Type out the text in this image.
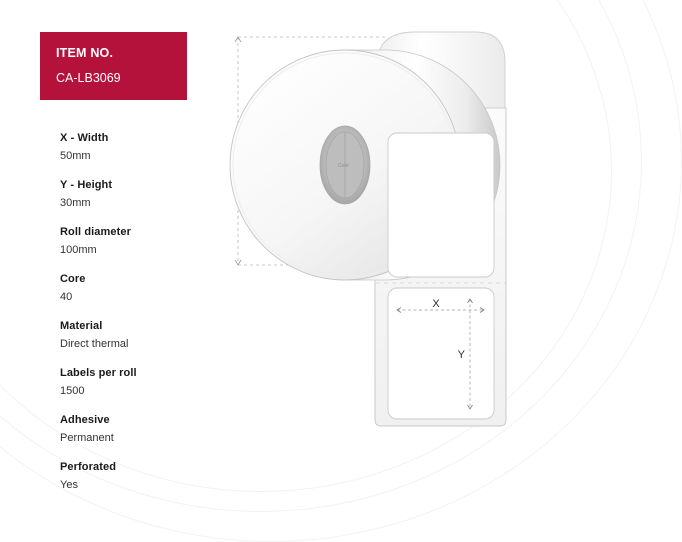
ITEM NO.
CA-LB3069
X - Width
50mm
Y - Height
30mm
Roll diameter
100mm
Core
40
Material
Direct thermal
Labels per roll
1500
Adhesive
Permanent
Perforated
Yes
Core
X
Y
